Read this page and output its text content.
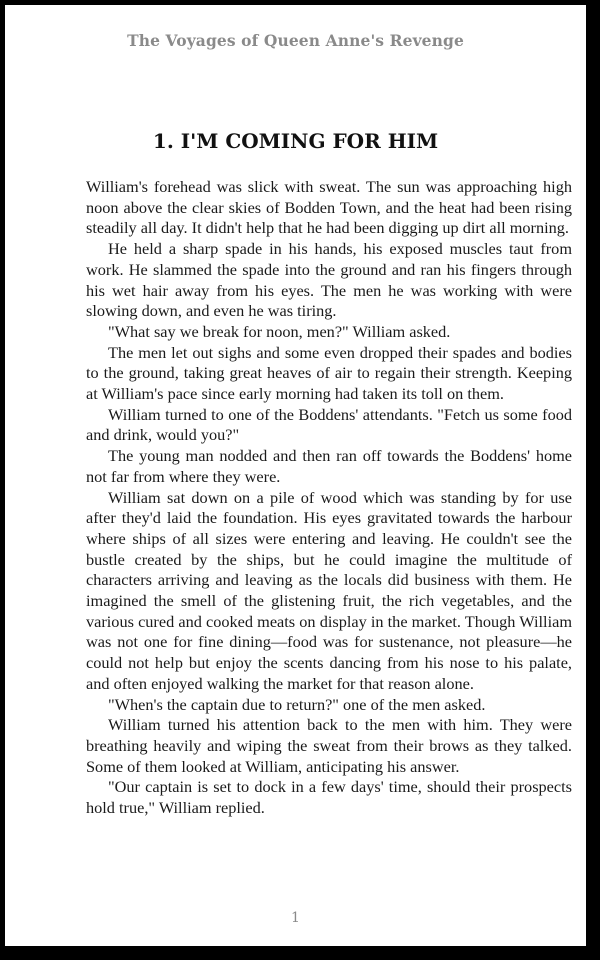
The Voyages of Queen Anne's Revenge
1. I'M COMING FOR HIM

William's forehead was slick with sweat. The sun was approaching high noon above the clear skies of Bodden Town, and the heat had been rising steadily all day. It didn't help that he had been digging up dirt all morning.

He held a sharp spade in his hands, his exposed muscles taut from work. He slammed the spade into the ground and ran his fingers through his wet hair away from his eyes. The men he was working with were slowing down, and even he was tiring.

"What say we break for noon, men?" William asked.

The men let out sighs and some even dropped their spades and bodies to the ground, taking great heaves of air to regain their strength. Keeping at William's pace since early morning had taken its toll on them.

William turned to one of the Boddens' attendants. "Fetch us some food and drink, would you?"

The young man nodded and then ran off towards the Boddens' home not far from where they were.

William sat down on a pile of wood which was standing by for use after they'd laid the foundation. His eyes gravitated towards the harbour where ships of all sizes were entering and leaving. He couldn't see the bustle created by the ships, but he could imagine the multitude of characters arriving and leaving as the locals did business with them. He imagined the smell of the glistening fruit, the rich vegetables, and the various cured and cooked meats on display in the market. Though William was not one for fine dining—food was for sustenance, not pleasure—he could not help but enjoy the scents dancing from his nose to his palate, and often enjoyed walking the market for that reason alone.

"When's the captain due to return?" one of the men asked.

William turned his attention back to the men with him. They were breathing heavily and wiping the sweat from their brows as they talked. Some of them looked at William, anticipating his answer.

"Our captain is set to dock in a few days' time, should their prospects hold true," William replied.

1
